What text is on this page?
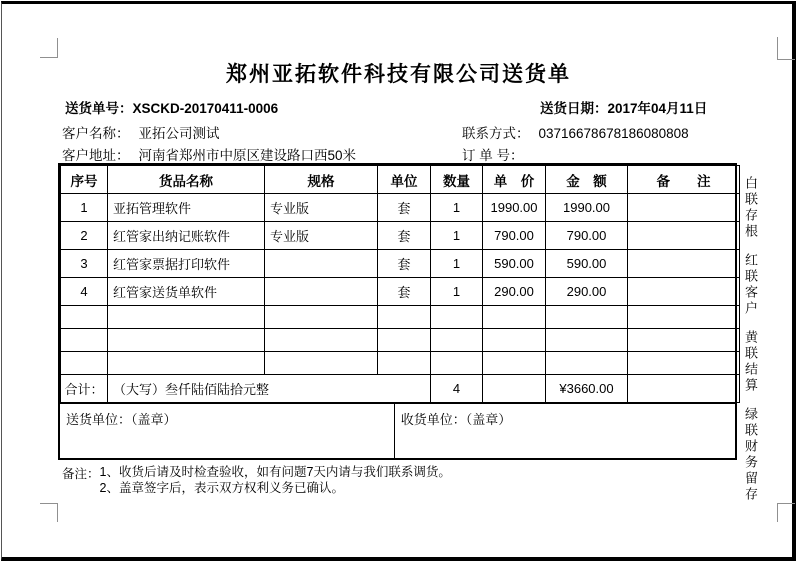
郑州亚拓软件科技有限公司送货单
送货单号：XSCKD-20170411-0006	送货日期：2017年04月11日
客户名称： 亚拓公司测试	联系方式： 03716678678186080808
客户地址： 河南省郑州市中原区建设路口西50米	订 单 号：
序号	货品名称	规格	单位	数量	单　价	金　额	备　　注
1	亚拓管理软件	专业版	套	1	1990.00	1990.00	
2	红管家出纳记账软件	专业版	套	1	790.00	790.00	
3	红管家票据打印软件		套	1	590.00	590.00	
4	红管家送货单软件		套	1	290.00	290.00	

合计：	（大写）叁仟陆佰陆拾元整			4		¥3660.00	
送货单位：（盖章）	收货单位：（盖章）
备注： 1、收货后请及时检查验收，如有问题7天内请与我们联系调货。
2、盖章签字后，表示双方权利义务已确认。
白联存根
红联客户
黄联结算
绿联财务留存
